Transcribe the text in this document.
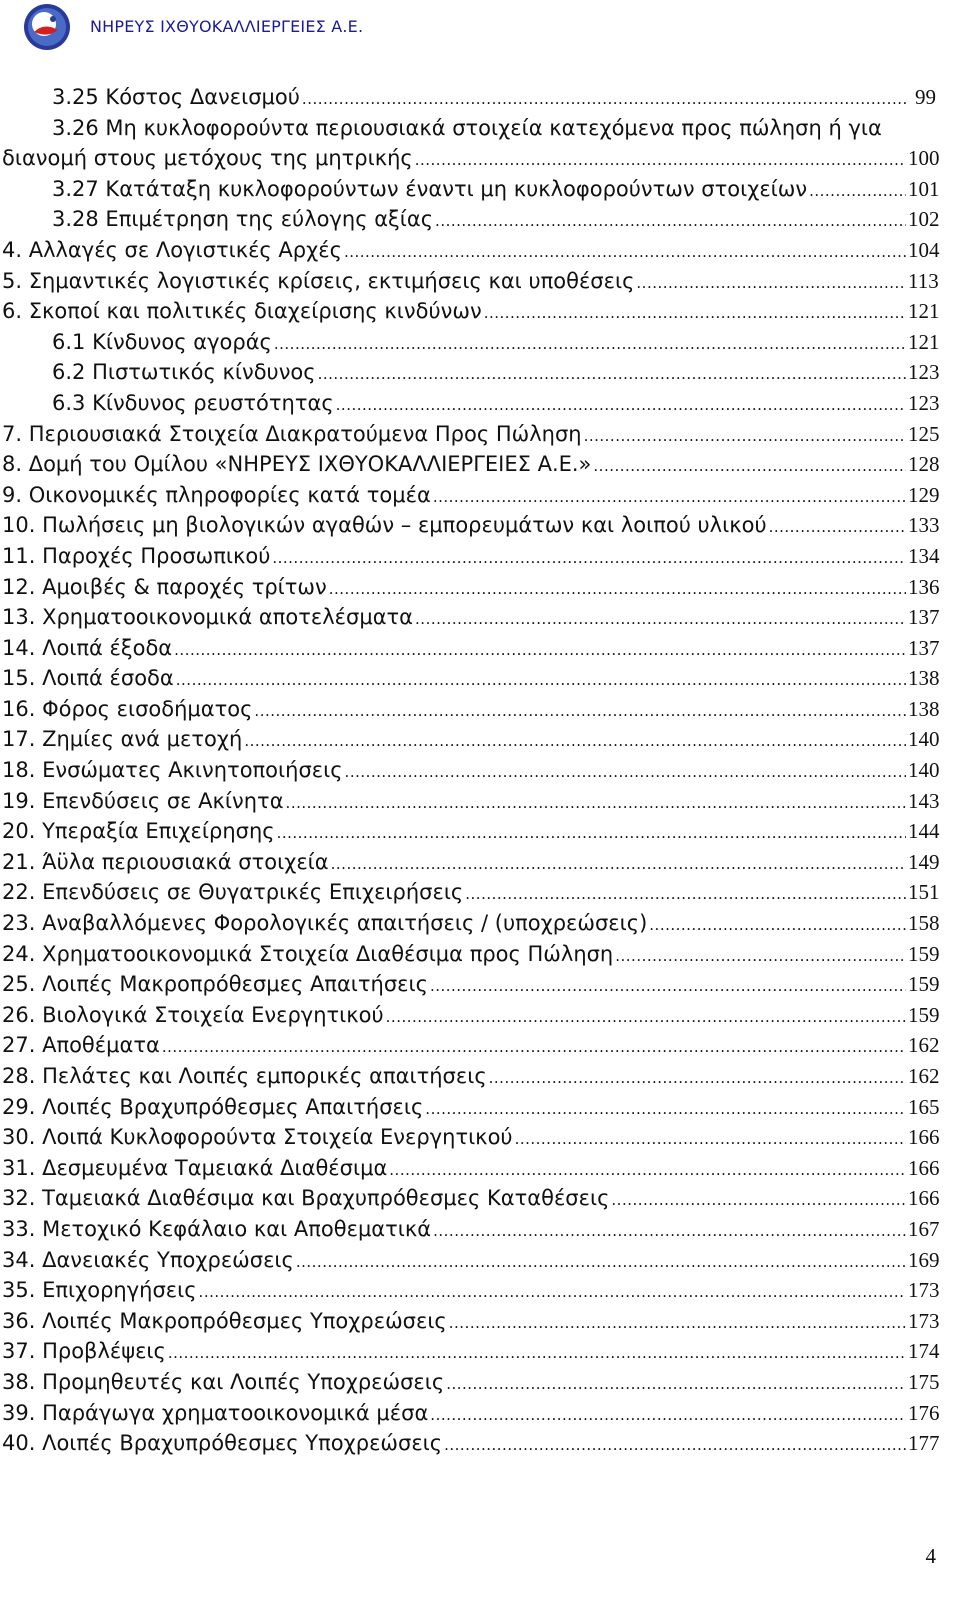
ΝΗΡΕΥΣ ΙΧΘΥΟΚΑΛΛΙΕΡΓΕΙΕΣ Α.Ε.
3.25 Κόστος Δανεισμού .....	99
3.26 Μη κυκλοφορούντα περιουσιακά στοιχεία κατεχόμενα προς πώληση ή για
διανομή στους μετόχους της μητρικής .....	100
3.27 Κατάταξη κυκλοφορούντων έναντι μη κυκλοφορούντων στοιχείων .....	101
3.28 Επιμέτρηση της εύλογης αξίας .....	102
4. Αλλαγές σε Λογιστικές Αρχές .....	104
5. Σημαντικές λογιστικές κρίσεις, εκτιμήσεις και υποθέσεις .....	113
6. Σκοποί και πολιτικές διαχείρισης κινδύνων .....	121
6.1 Κίνδυνος αγοράς .....	121
6.2 Πιστωτικός κίνδυνος .....	123
6.3 Κίνδυνος ρευστότητας .....	123
7. Περιουσιακά Στοιχεία Διακρατούμενα Προς Πώληση .....	125
8. Δομή του Ομίλου «ΝΗΡΕΥΣ ΙΧΘΥΟΚΑΛΛΙΕΡΓΕΙΕΣ Α.Ε.» .....	128
9. Οικονομικές πληροφορίες κατά τομέα .....	129
10. Πωλήσεις μη βιολογικών αγαθών – εμπορευμάτων και λοιπού υλικού .....	133
11. Παροχές Προσωπικού .....	134
12. Αμοιβές & παροχές τρίτων .....	136
13. Χρηματοοικονομικά αποτελέσματα .....	137
14. Λοιπά έξοδα .....	137
15. Λοιπά έσοδα .....	138
16. Φόρος εισοδήματος .....	138
17. Ζημίες ανά μετοχή .....	140
18. Ενσώματες Ακινητοποιήσεις .....	140
19. Επενδύσεις σε Ακίνητα .....	143
20. Υπεραξία Επιχείρησης .....	144
21. Άϋλα περιουσιακά στοιχεία .....	149
22. Επενδύσεις σε Θυγατρικές Επιχειρήσεις .....	151
23. Αναβαλλόμενες Φορολογικές απαιτήσεις / (υποχρεώσεις) .....	158
24. Χρηματοοικονομικά Στοιχεία Διαθέσιμα προς Πώληση .....	159
25. Λοιπές Μακροπρόθεσμες Απαιτήσεις .....	159
26. Βιολογικά Στοιχεία Ενεργητικού .....	159
27. Αποθέματα .....	162
28. Πελάτες και Λοιπές εμπορικές απαιτήσεις .....	162
29. Λοιπές Βραχυπρόθεσμες Απαιτήσεις .....	165
30. Λοιπά Κυκλοφορούντα Στοιχεία Ενεργητικού .....	166
31. Δεσμευμένα Ταμειακά Διαθέσιμα .....	166
32. Ταμειακά Διαθέσιμα και Βραχυπρόθεσμες Καταθέσεις .....	166
33. Μετοχικό Κεφάλαιο και Αποθεματικά .....	167
34. Δανειακές Υποχρεώσεις .....	169
35. Επιχορηγήσεις .....	173
36. Λοιπές Μακροπρόθεσμες Υποχρεώσεις .....	173
37. Προβλέψεις .....	174
38. Προμηθευτές και Λοιπές Υποχρεώσεις .....	175
39. Παράγωγα χρηματοοικονομικά μέσα .....	176
40. Λοιπές Βραχυπρόθεσμες Υποχρεώσεις .....	177
4
